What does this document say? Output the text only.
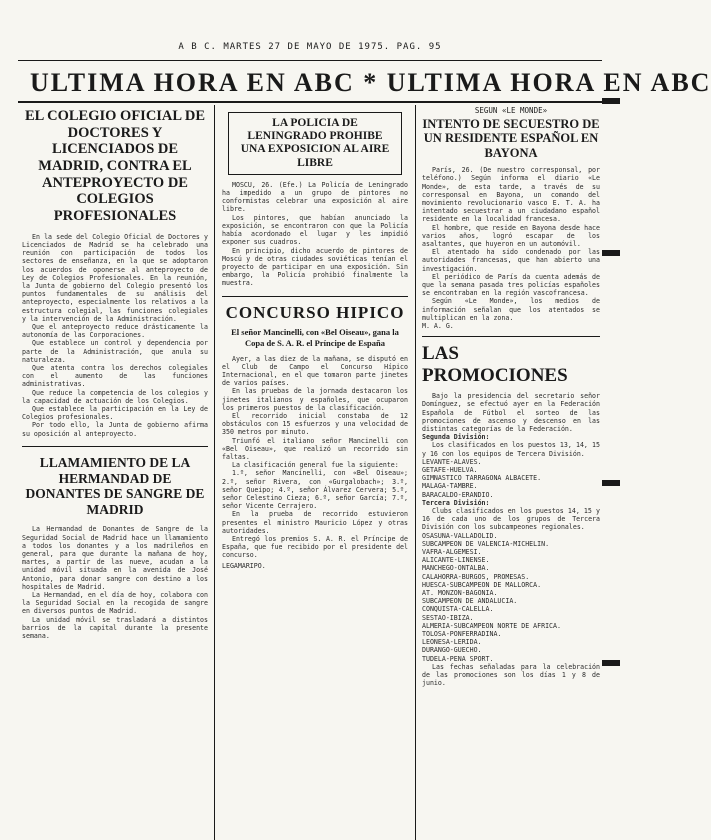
A B C. MARTES 27 DE MAYO DE 1975. PAG. 95
ULTIMA HORA EN ABC * ULTIMA HORA EN ABC
EL COLEGIO OFICIAL DE DOCTORES Y LICENCIADOS DE MADRID, CONTRA EL ANTEPROYECTO DE COLEGIOS PROFESIONALES

En la sede del Colegio Oficial de Doctores y Licenciados de Madrid se ha celebrado una reunión con participación de todos los sectores de enseñanza, en la que se adoptaron los acuerdos de oponerse al anteproyecto de Ley de Colegios Profesionales. En la reunión, la Junta de gobierno del Colegio presentó los puntos fundamentales de su análisis del anteproyecto, especialmente los relativos a la estructura colegial, las funciones colegiales y la intervención de la Administración.

Que el anteproyecto reduce drásticamente la autonomía de las Corporaciones.

Que establece un control y dependencia por parte de la Administración, que anula su naturaleza.

Que atenta contra los derechos colegiales con el aumento de las funciones administrativas.

Que reduce la competencia de los colegios y la capacidad de actuación de los Colegios.

Que establece la participación en la Ley de Colegios profesionales.

Por todo ello, la Junta de gobierno afirma su oposición al anteproyecto.

LLAMAMIENTO DE LA HERMANDAD DE DONANTES DE SANGRE DE MADRID

La Hermandad de Donantes de Sangre de la Seguridad Social de Madrid hace un llamamiento a todos los donantes y a los madrileños en general, para que durante la mañana de hoy, martes, a partir de las nueve, acudan a la unidad móvil situada en la avenida de José Antonio, para donar sangre con destino a los hospitales de Madrid.

La Hermandad, en el día de hoy, colabora con la Seguridad Social en la recogida de sangre en diversos puntos de Madrid.

La unidad móvil se trasladará a distintos barrios de la capital durante la presente semana.

LA POLICIA DE LENINGRADO PROHIBE UNA EXPOSICION AL AIRE LIBRE

MOSCU, 26. (Efe.) La Policía de Leningrado ha impedido a un grupo de pintores no conformistas celebrar una exposición al aire libre.

Los pintores, que habían anunciado la exposición, se encontraron con que la Policía había acordonado el lugar y les impidió exponer sus cuadros.

En principio, dicho acuerdo de pintores de Moscú y de otras ciudades soviéticas tenían el proyecto de participar en una exposición. Sin embargo, la Policía prohibió finalmente la muestra.

CONCURSO HIPICO
El señor Mancinelli, con «Bel Oiseau», gana la Copa de S. A. R. el Príncipe de España

Ayer, a las diez de la mañana, se disputó en el Club de Campo el Concurso Hípico Internacional, en el que tomaron parte jinetes de varios países.

En las pruebas de la jornada destacaron los jinetes italianos y españoles, que ocuparon los primeros puestos de la clasificación.

El recorrido inicial constaba de 12 obstáculos con 15 esfuerzos y una velocidad de 350 metros por minuto.

Triunfó el italiano señor Mancinelli con «Bel Oiseau», que realizó un recorrido sin faltas.

La clasificación general fue la siguiente:

1.º, señor Mancinelli, con «Bel Oiseau»; 2.º, señor Rivera, con «Gurgalobach»; 3.º, señor Queipo; 4.º, señor Álvarez Cervera; 5.º, señor Celestino Cieza; 6.º, señor García; 7.º, señor Vicente Cerrajero.

En la prueba de recorrido estuvieron presentes el ministro Mauricio López y otras autoridades.

Entregó los premios S. A. R. el Príncipe de España, que fue recibido por el presidente del concurso.

LEGAMARIPO.
SEGUN «LE MONDE»
INTENTO DE SECUESTRO DE UN RESIDENTE ESPAÑOL EN BAYONA

París, 26. (De nuestro corresponsal, por teléfono.) Según informa el diario «Le Monde», de esta tarde, a través de su corresponsal en Bayona, un comando del movimiento revolucionario vasco E. T. A. ha intentado secuestrar a un ciudadano español residente en la localidad francesa.

El hombre, que reside en Bayona desde hace varios años, logró escapar de los asaltantes, que huyeron en un automóvil.

El atentado ha sido condenado por las autoridades francesas, que han abierto una investigación.

El periódico de París da cuenta además de que la semana pasada tres policías españoles se encontraban en la región vascofrancesa.

Según «Le Monde», los medios de información señalan que los atentados se multiplican en la zona.

M. A. G.
LAS PROMOCIONES

Bajo la presidencia del secretario señor Domínguez, se efectuó ayer en la Federación Española de Fútbol el sorteo de las promociones de ascenso y descenso en las distintas categorías de la Federación.

Segunda División:

Los clasificados en los puestos 13, 14, 15 y 16 con los equipos de Tercera División.

LEVANTE-ALAVES.
GETAFE-HUELVA.
GIMNASTICO TARRAGONA ALBACETE.
MALAGA-TAMBRE.
BARACALDO-ERANDIO.
Tercera División:

Clubs clasificados en los puestos 14, 15 y 16 de cada uno de los grupos de Tercera División con los subcampeones regionales.

OSASUNA-VALLADOLID.
SUBCAMPEON DE VALENCIA-MICHELIN.
VAFRA-ALGEMESI.
ALICANTE-LINENSE.
MANCHEGO-ONTALBA.
CALAHORRA-BURGOS, PROMESAS.
HUESCA-SUBCAMPEON DE MALLORCA.
AT. MONZON-BAGONIA.
SUBCAMPEON DE ANDALUCIA.
CONQUISTA-CALELLA.
SESTAO-IBIZA.
ALMERIA-SUBCAMPEON NORTE DE AFRICA.
TOLOSA-PONFERRADINA.
LEONESA-LERIDA.
DURANGO-GUECHO.
TUDELA-PENA SPORT.

Las fechas señaladas para la celebración de las promociones son los días 1 y 8 de junio.
